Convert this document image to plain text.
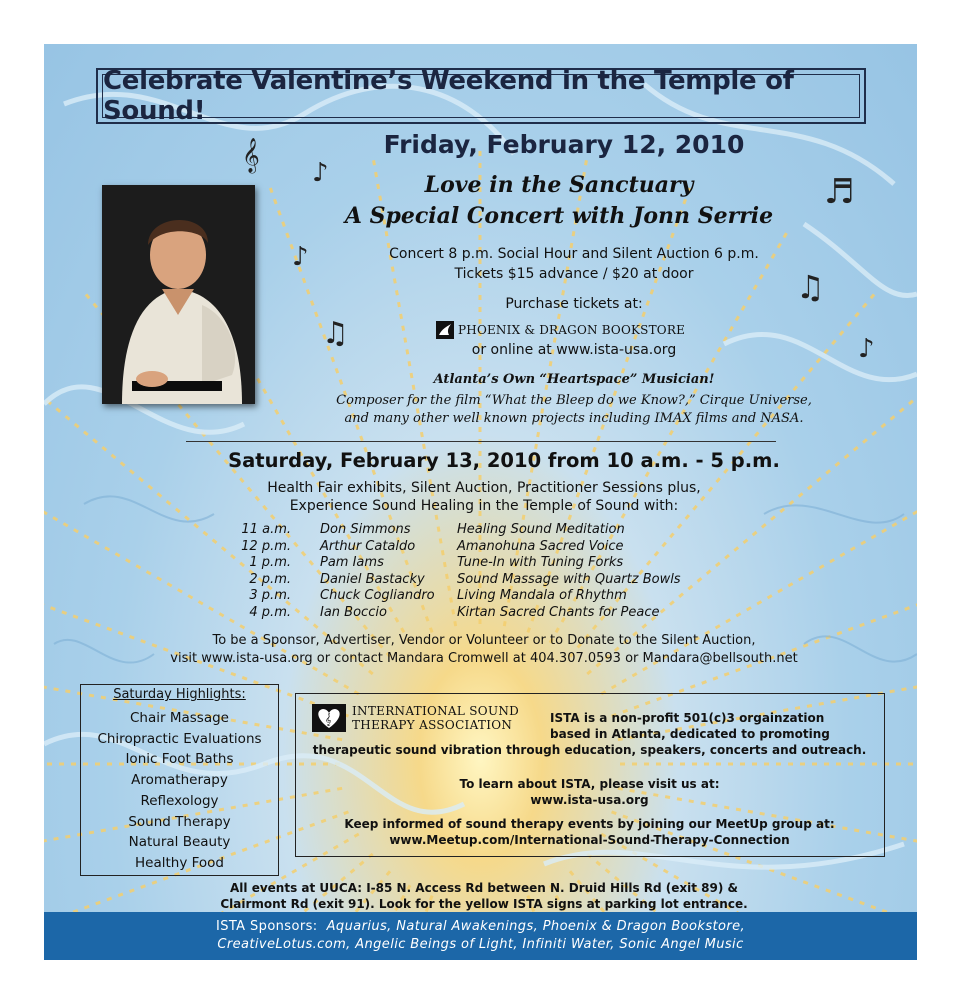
𝄞 ♪
♪
♫
♬
♫
♪
Celebrate Valentine’s Weekend in the Temple of Sound!
Friday, February 12, 2010
Love in the Sanctuary
A Special Concert with Jonn Serrie
Concert 8 p.m. Social Hour and Silent Auction 6 p.m.
Tickets $15 advance / $20 at door
Purchase tickets at:
PHOENIX & DRAGON BOOKSTORE
or online at www.ista-usa.org
Atlanta’s Own “Heartspace” Musician!
Composer for the film “What the Bleep do we Know?,” Cirque Universe,
and many other well known projects including IMAX films and NASA.
Saturday, February 13, 2010 from 10 a.m. - 5 p.m.
Health Fair exhibits, Silent Auction, Practitioner Sessions plus,
Experience Sound Healing in the Temple of Sound with:
11 a.m.	Don Simmons	Healing Sound Meditation
12 p.m.	Arthur Cataldo	Amanohuna Sacred Voice
1 p.m.	Pam Iams	Tune-In with Tuning Forks
2 p.m.	Daniel Bastacky	Sound Massage with Quartz Bowls
3 p.m.	Chuck Cogliandro	Living Mandala of Rhythm
4 p.m.	Ian Boccio	Kirtan Sacred Chants for Peace
To be a Sponsor, Advertiser, Vendor or Volunteer or to Donate to the Silent Auction,
visit www.ista-usa.org or contact Mandara Cromwell at 404.307.0593 or Mandara@bellsouth.net
Saturday Highlights:
Chair Massage
Chiropractic Evaluations
Ionic Foot Baths
Aromatherapy
Reflexology
Sound Therapy
Natural Beauty
Healthy Food
𝄞
INTERNATIONAL SOUND
THERAPY ASSOCIATION	ISTA is a non-profit 501(c)3 orgainzation
based in Atlanta, dedicated to promoting
therapeutic sound vibration through education, speakers, concerts and outreach.
To learn about ISTA, please visit us at:
www.ista-usa.org
Keep informed of sound therapy events by joining our MeetUp group at:
www.Meetup.com/International-Sound-Therapy-Connection
All events at UUCA: I-85 N. Access Rd between N. Druid Hills Rd (exit 89) &
Clairmont Rd (exit 91). Look for the yellow ISTA signs at parking lot entrance.
ISTA Sponsors: Aquarius, Natural Awakenings, Phoenix & Dragon Bookstore,
CreativeLotus.com, Angelic Beings of Light, Infiniti Water, Sonic Angel Music
